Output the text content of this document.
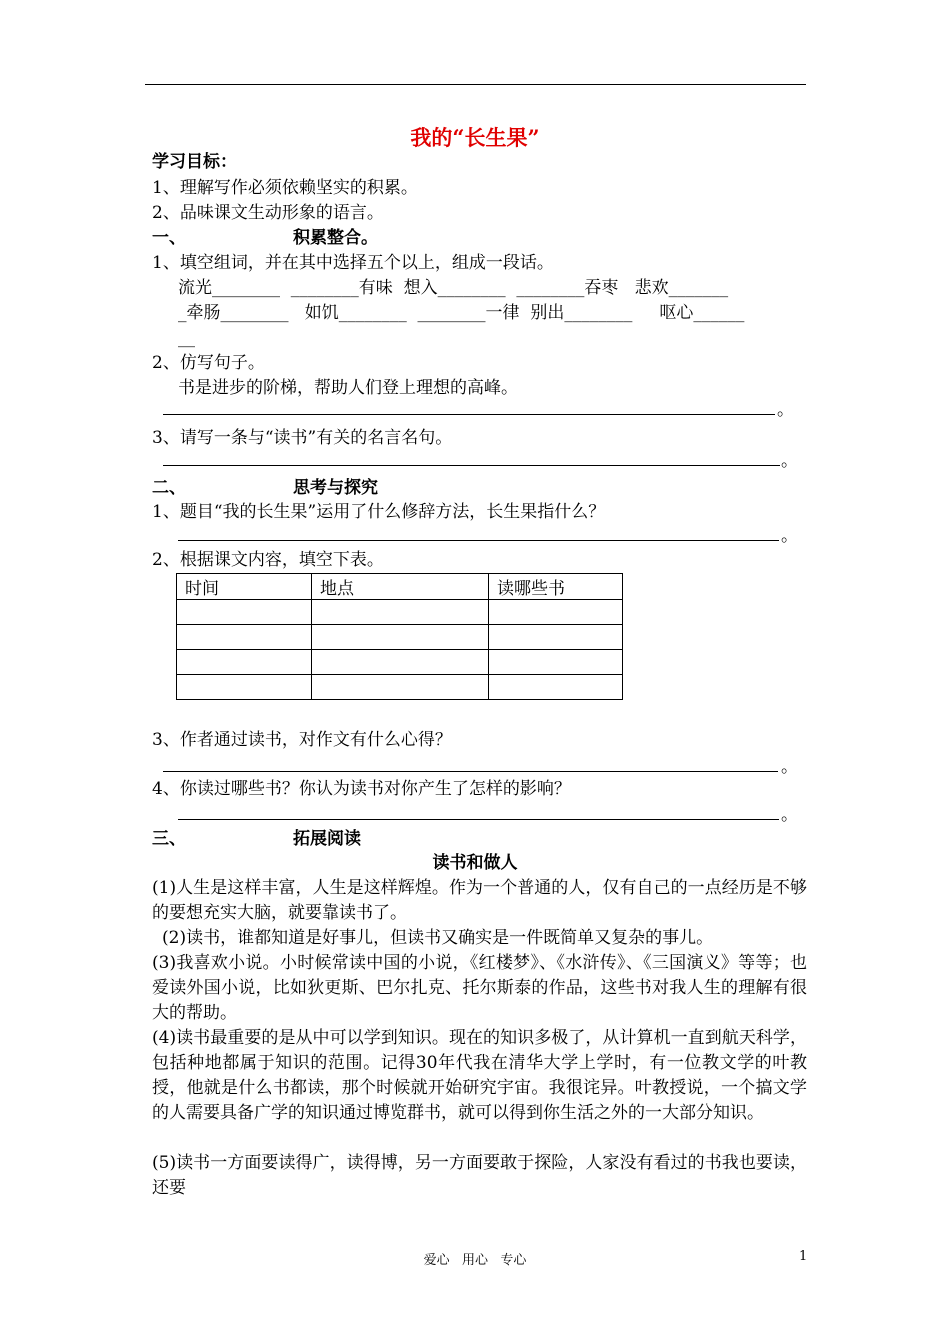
我的“长生果”
学习目标：
1、理解写作必须依赖坚实的积累。
2、品味课文生动形象的语言。
一、	积累整合。
1、填空组词，并在其中选择五个以上，组成一段话。
流光________  ________有味  想入________  ________吞枣   悲欢_______
_牵肠________   如饥________  ________一律  别出________     呕心______
__
2、仿写句子。
书是进步的阶梯，帮助人们登上理想的高峰。
。
3、请写一条与“读书”有关的名言名句。
。
二、	思考与探究
1、题目“我的长生果”运用了什么修辞方法，长生果指什么？
。
2、根据课文内容，填空下表。
时间	地点	读哪些书

3、作者通过读书，对作文有什么心得？
。
4、你读过哪些书？你认为读书对你产生了怎样的影响？
。
三、	拓展阅读
读书和做人
(1)人生是这样丰富，人生是这样辉煌。作为一个普通的人，仅有自己的一点经历是不够的要想充实大脑，就要靠读书了。
(2)读书，谁都知道是好事儿，但读书又确实是一件既简单又复杂的事儿。
(3)我喜欢小说。小时候常读中国的小说，《红楼梦》、《水浒传》、《三国演义》等等；也爱读外国小说，比如狄更斯、巴尔扎克、托尔斯泰的作品，这些书对我人生的理解有很大的帮助。
(4)读书最重要的是从中可以学到知识。现在的知识多极了，从计算机一直到航天科学，包括种地都属于知识的范围。记得30年代我在清华大学上学时，有一位教文学的叶教授，他就是什么书都读，那个时候就开始研究宇宙。我很诧异。叶教授说，一个搞文学的人需要具备广学的知识通过博览群书，就可以得到你生活之外的一大部分知识。
(5)读书一方面要读得广，读得博，另一方面要敢于探险，人家没有看过的书我也要读，还要
爱心   用心   专心	1
